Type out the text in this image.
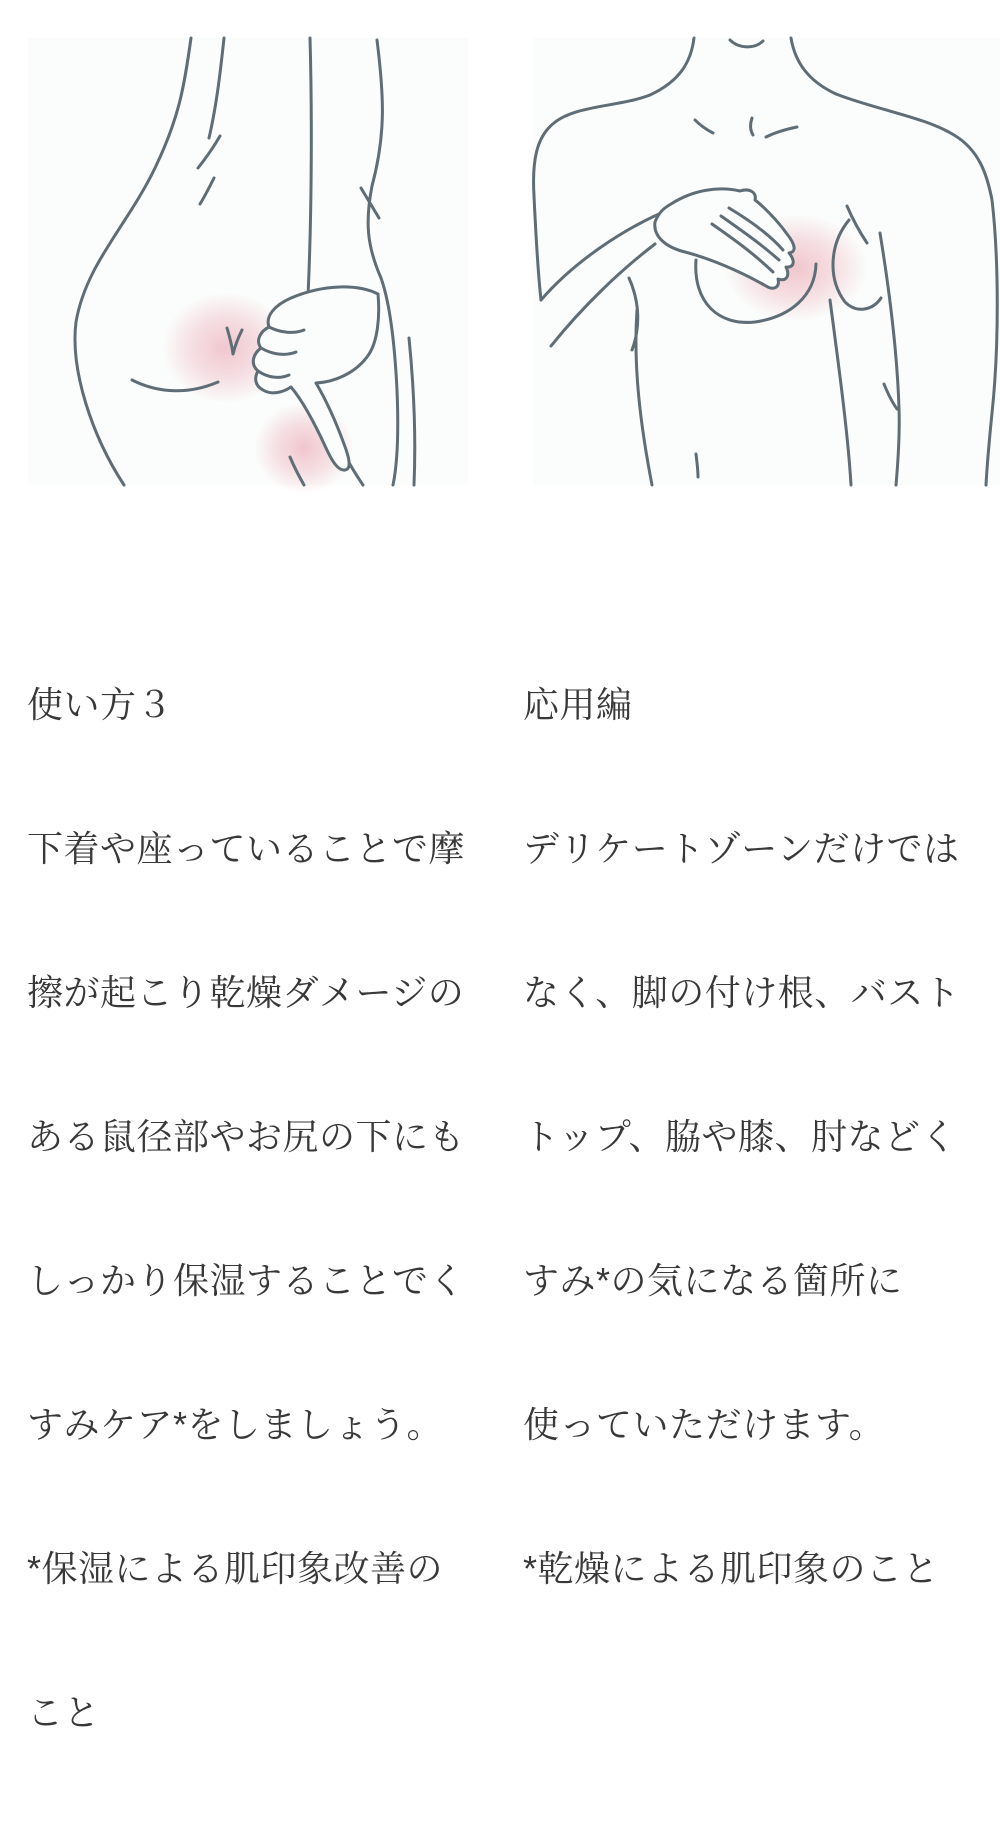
使い方３

下着や座っていることで摩

擦が起こり乾燥ダメージの

ある鼠径部やお尻の下にも

しっかり保湿することでく

すみケア*をしましょう。

*保湿による肌印象改善の

こと

応用編

デリケートゾーンだけでは

なく、脚の付け根、バスト

トップ、脇や膝、肘などく

すみ*の気になる箇所に

使っていただけます。

*乾燥による肌印象のこと
